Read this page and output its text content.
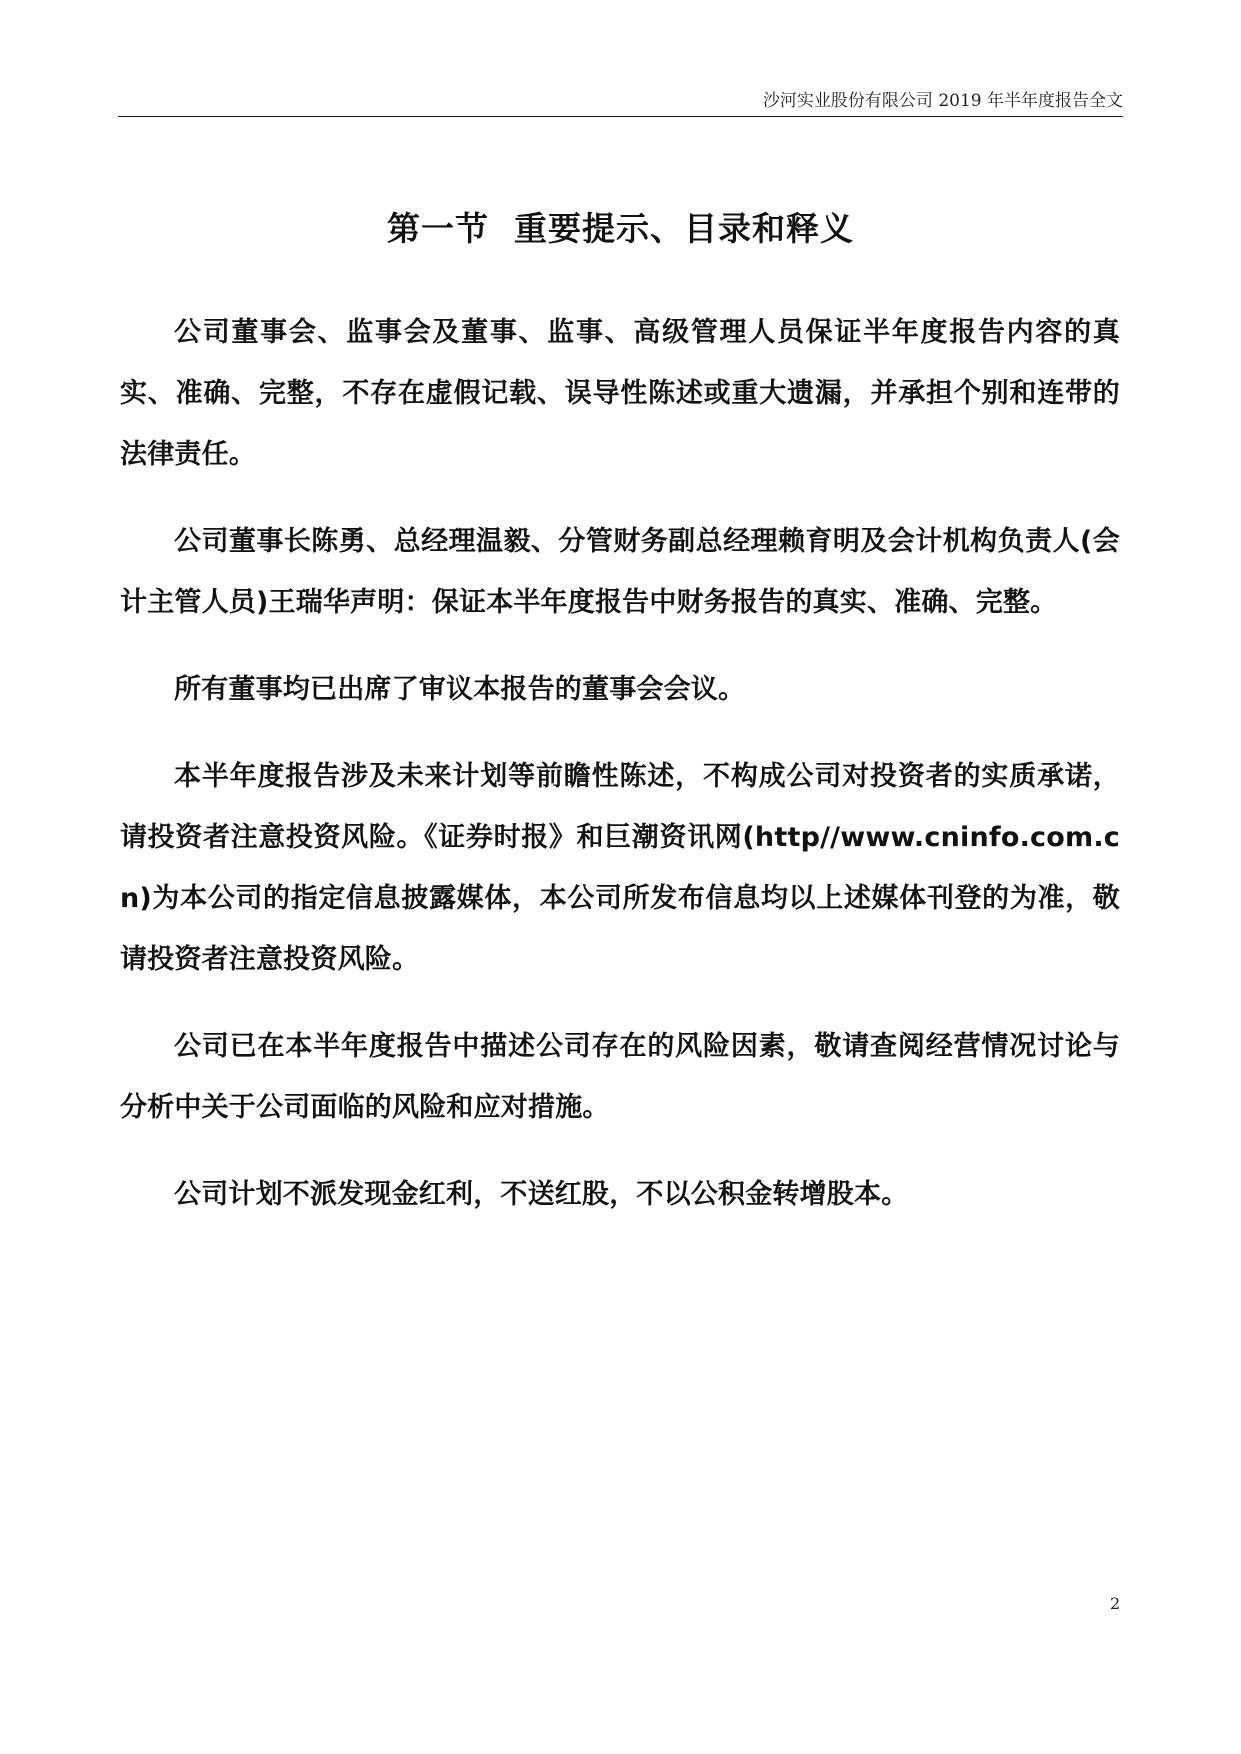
沙河实业股份有限公司 2019 年半年度报告全文
第一节  重要提示、目录和释义

公司董事会、监事会及董事、监事、高级管理人员保证半年度报告内容的真实、准确、完整，不存在虚假记载、误导性陈述或重大遗漏，并承担个别和连带的法律责任。

公司董事长陈勇、总经理温毅、分管财务副总经理赖育明及会计机构负责人(会计主管人员)王瑞华声明：保证本半年度报告中财务报告的真实、准确、完整。

所有董事均已出席了审议本报告的董事会会议。

本半年度报告涉及未来计划等前瞻性陈述，不构成公司对投资者的实质承诺，请投资者注意投资风险。《证券时报》和巨潮资讯网(http//www.cninfo.com.cn)为本公司的指定信息披露媒体，本公司所发布信息均以上述媒体刊登的为准，敬请投资者注意投资风险。

公司已在本半年度报告中描述公司存在的风险因素，敬请查阅经营情况讨论与分析中关于公司面临的风险和应对措施。

公司计划不派发现金红利，不送红股，不以公积金转增股本。

2
